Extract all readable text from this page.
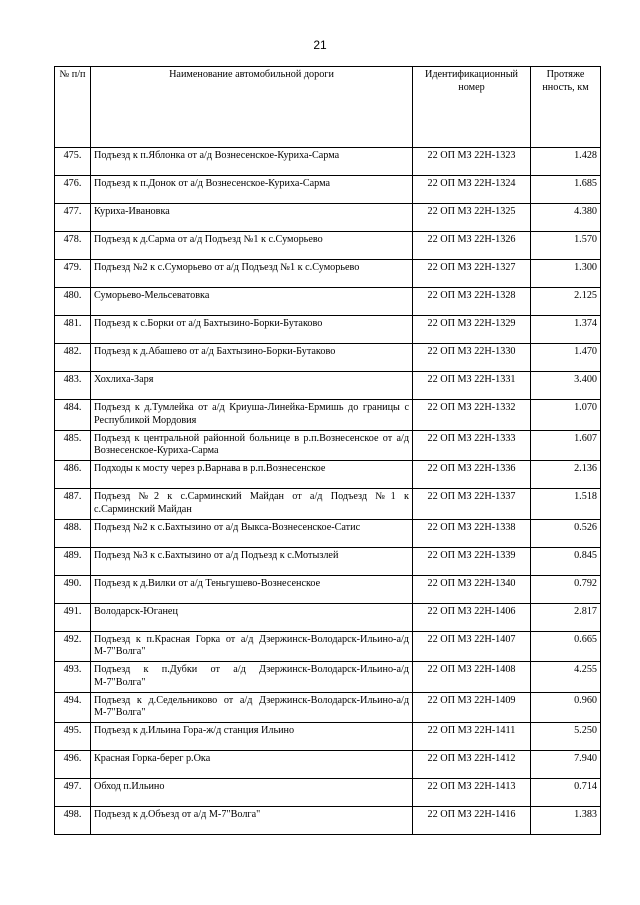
21
№ п/п	Наименование автомобильной дороги	Идентификационный номер	Протяже нность, км
475.	Подъезд к п.Яблонка от а/д Вознесенское-Куриха-Сарма	22 ОП МЗ 22Н-1323	1.428
476.	Подъезд к п.Донок от а/д Вознесенское-Куриха-Сарма	22 ОП МЗ 22Н-1324	1.685
477.	Куриха-Ивановка	22 ОП МЗ 22Н-1325	4.380
478.	Подъезд к д.Сарма от а/д Подъезд №1 к с.Суморьево	22 ОП МЗ 22Н-1326	1.570
479.	Подъезд №2 к с.Суморьево от а/д Подъезд №1 к с.Суморьево	22 ОП МЗ 22Н-1327	1.300
480.	Суморьево-Мельсеватовка	22 ОП МЗ 22Н-1328	2.125
481.	Подъезд к с.Борки от а/д Бахтызино-Борки-Бутаково	22 ОП МЗ 22Н-1329	1.374
482.	Подъезд к д.Абашево от а/д Бахтызино-Борки-Бутаково	22 ОП МЗ 22Н-1330	1.470
483.	Хохлиха-Заря	22 ОП МЗ 22Н-1331	3.400
484.	Подъезд к д.Тумлейка от а/д Криуша-Линейка-Ермишь до границы с Республикой Мордовия	22 ОП МЗ 22Н-1332	1.070
485.	Подъезд к центральной районной больнице в р.п.Вознесенское от а/д Вознесенское-Куриха-Сарма	22 ОП МЗ 22Н-1333	1.607
486.	Подходы к мосту через р.Варнава в р.п.Вознесенское	22 ОП МЗ 22Н-1336	2.136
487.	Подъезд №2 к с.Сарминский Майдан от а/д Подъезд №1 к с.Сарминский Майдан	22 ОП МЗ 22Н-1337	1.518
488.	Подъезд №2 к с.Бахтызино от а/д Выкса-Вознесенское-Сатис	22 ОП МЗ 22Н-1338	0.526
489.	Подъезд №3 к с.Бахтызино от а/д Подъезд к с.Мотызлей	22 ОП МЗ 22Н-1339	0.845
490.	Подъезд к д.Вилки от а/д Теньгушево-Вознесенское	22 ОП МЗ 22Н-1340	0.792
491.	Володарск-Юганец	22 ОП МЗ 22Н-1406	2.817
492.	Подъезд к п.Красная Горка от а/д Дзержинск-Володарск-Ильино-а/д М-7"Волга"	22 ОП МЗ 22Н-1407	0.665
493.	Подъезд к п.Дубки от а/д Дзержинск-Володарск-Ильино-а/д М-7"Волга"	22 ОП МЗ 22Н-1408	4.255
494.	Подъезд к д.Седельниково от а/д Дзержинск-Володарск-Ильино-а/д М-7"Волга"	22 ОП МЗ 22Н-1409	0.960
495.	Подъезд к д.Ильина Гора-ж/д станция Ильино	22 ОП МЗ 22Н-1411	5.250
496.	Красная Горка-берег р.Ока	22 ОП МЗ 22Н-1412	7.940
497.	Обход п.Ильино	22 ОП МЗ 22Н-1413	0.714
498.	Подъезд к д.Объезд от а/д М-7"Волга"	22 ОП МЗ 22Н-1416	1.383
